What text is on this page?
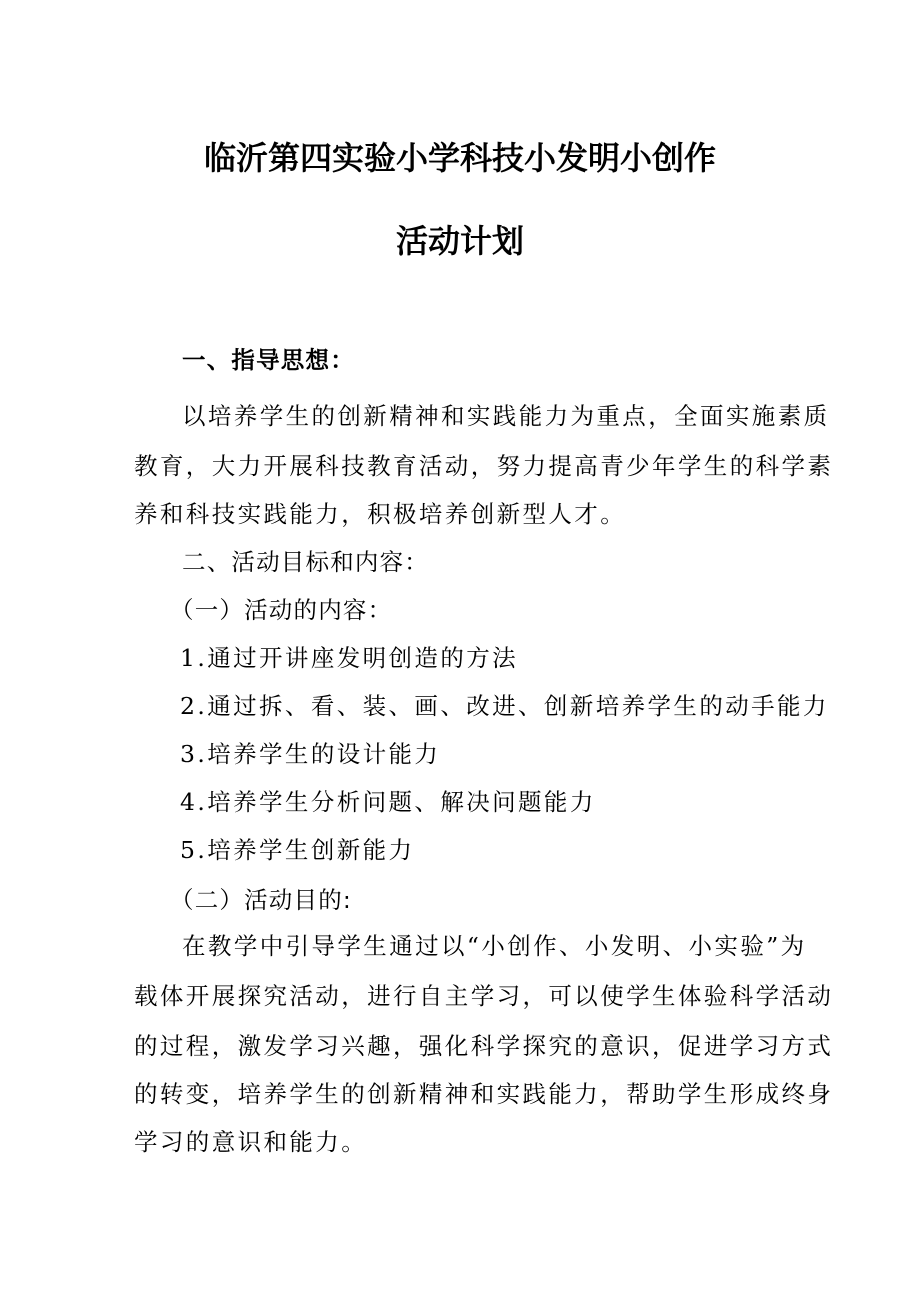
临沂第四实验小学科技小发明小创作
活动计划

一、指导思想：

以培养学生的创新精神和实践能力为重点，全面实施素质

教育，大力开展科技教育活动，努力提高青少年学生的科学素

养和科技实践能力，积极培养创新型人才。

二、活动目标和内容：

（一）活动的内容：

1.通过开讲座发明创造的方法

2.通过拆、看、装、画、改进、创新培养学生的动手能力

3.培养学生的设计能力

4.培养学生分析问题、解决问题能力

5.培养学生创新能力

（二）活动目的:

在教学中引导学生通过以“小创作、小发明、小实验”为

载体开展探究活动，进行自主学习，可以使学生体验科学活动

的过程，激发学习兴趣，强化科学探究的意识，促进学习方式

的转变，培养学生的创新精神和实践能力，帮助学生形成终身

学习的意识和能力。
